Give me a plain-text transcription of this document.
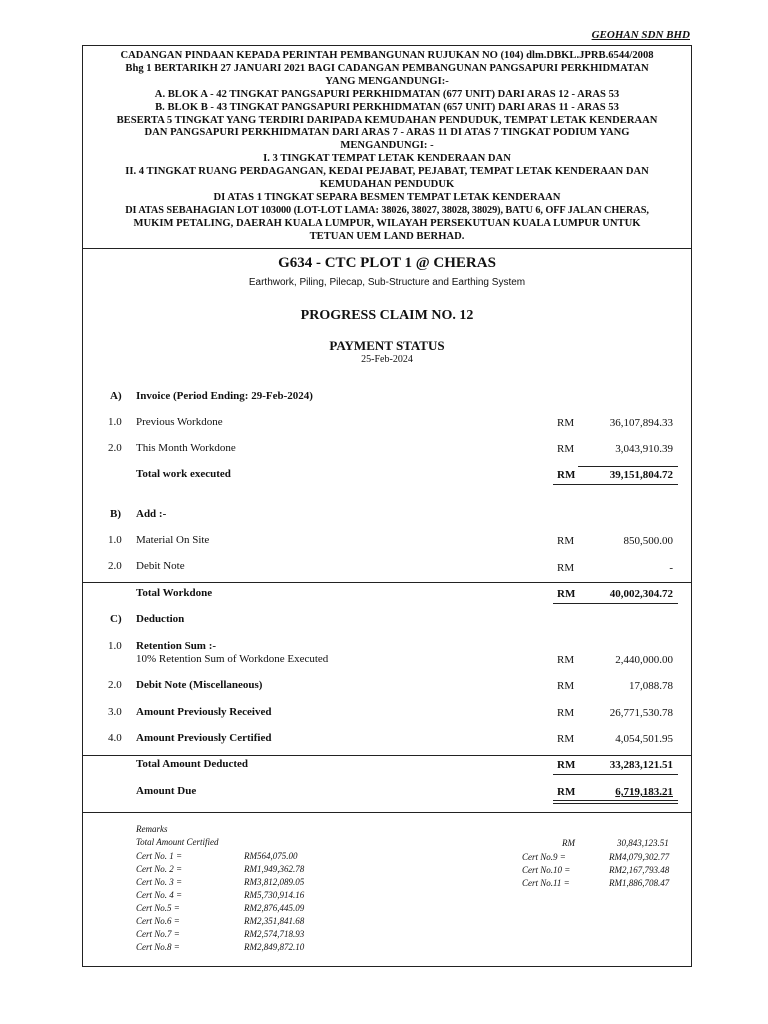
GEOHAN SDN BHD
CADANGAN PINDAAN KEPADA PERINTAH PEMBANGUNAN RUJUKAN NO (104) dlm.DBKL.JPRB.6544/2008
Bhg 1 BERTARIKH 27 JANUARI 2021 BAGI CADANGAN PEMBANGUNAN PANGSAPURI PERKHIDMATAN
YANG MENGANDUNGI:-
A. BLOK A - 42 TINGKAT PANGSAPURI PERKHIDMATAN (677 UNIT) DARI ARAS 12 - ARAS 53
B. BLOK B - 43 TINGKAT PANGSAPURI PERKHIDMATAN (657 UNIT) DARI ARAS 11 - ARAS 53
BESERTA 5 TINGKAT YANG TERDIRI DARIPADA KEMUDAHAN PENDUDUK, TEMPAT LETAK KENDERAAN
DAN PANGSAPURI PERKHIDMATAN DARI ARAS 7 - ARAS 11 DI ATAS 7 TINGKAT PODIUM YANG
MENGANDUNGI: -
I. 3 TINGKAT TEMPAT LETAK KENDERAAN DAN
II. 4 TINGKAT RUANG PERDAGANGAN, KEDAI PEJABAT, PEJABAT, TEMPAT LETAK KENDERAAN DAN
KEMUDAHAN PENDUDUK
DI ATAS 1 TINGKAT SEPARA BESMEN TEMPAT LETAK KENDERAAN
DI ATAS SEBAHAGIAN LOT 103000 (LOT-LOT LAMA: 38026, 38027, 38028, 38029), BATU 6, OFF JALAN CHERAS,
MUKIM PETALING, DAERAH KUALA LUMPUR, WILAYAH PERSEKUTUAN KUALA LUMPUR UNTUK
TETUAN UEM LAND BERHAD.
G634 - CTC PLOT 1 @ CHERAS
Earthwork, Piling, Pilecap, Sub-Structure and Earthing System
PROGRESS CLAIM NO. 12
PAYMENT STATUS
25-Feb-2024
A) Invoice (Period Ending: 29-Feb-2024)
1.0 Previous Workdone	RM	36,107,894.33
2.0 This Month Workdone	RM	3,043,910.39
Total work executed	RM	39,151,804.72
B) Add :-
1.0 Material On Site	RM	850,500.00
2.0 Debit Note	RM	-
Total Workdone	RM	40,002,304.72
C) Deduction
1.0 Retention Sum :-
10% Retention Sum of Workdone Executed	RM	2,440,000.00
2.0 Debit Note (Miscellaneous)	RM	17,088.78
3.0 Amount Previously Received	RM	26,771,530.78
4.0 Amount Previously Certified	RM	4,054,501.95
Total Amount Deducted	RM	33,283,121.51
Amount Due	RM	6,719,183.21
Remarks
Total Amount Certified	RM	30,843,123.51
Cert No. 1 =	RM564,075.00
Cert No. 2 =	RM1,949,362.78
Cert No. 3 =	RM3,812,089.05
Cert No. 4 =	RM5,730,914.16
Cert No.5 =	RM2,876,445.09
Cert No.6 =	RM2,351,841.68
Cert No.7 =	RM2,574,718.93
Cert No.8 =	RM2,849,872.10
Cert No.9 =	RM4,079,302.77
Cert No.10 =	RM2,167,793.48
Cert No.11 =	RM1,886,708.47
